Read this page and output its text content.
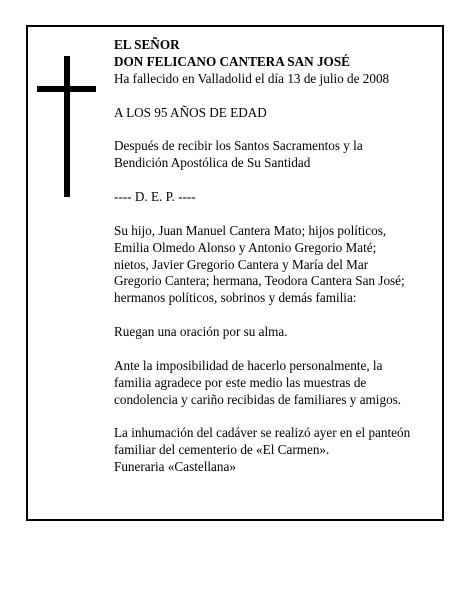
EL SEÑOR
DON FELICANO CANTERA SAN JOSÉ
Ha fallecido en Valladolid el día 13 de julio de 2008
A LOS 95 AÑOS DE EDAD
Después de recibir los Santos Sacramentos y la
Bendición Apostólica de Su Santidad
---- D. E. P. ----
Su hijo, Juan Manuel Cantera Mato; hijos políticos,
Emilia Olmedo Alonso y Antonio Gregorio Maté;
nietos, Javier Gregorio Cantera y María del Mar
Gregorio Cantera; hermana, Teodora Cantera San José;
hermanos políticos, sobrinos y demás familia:
Ruegan una oración por su alma.
Ante la imposibilidad de hacerlo personalmente, la
familia agradece por este medio las muestras de
condolencia y cariño recibidas de familiares y amigos.
La inhumación del cadáver se realizó ayer en el panteón
familiar del cementerio de «El Carmen».
Funeraria «Castellana»
